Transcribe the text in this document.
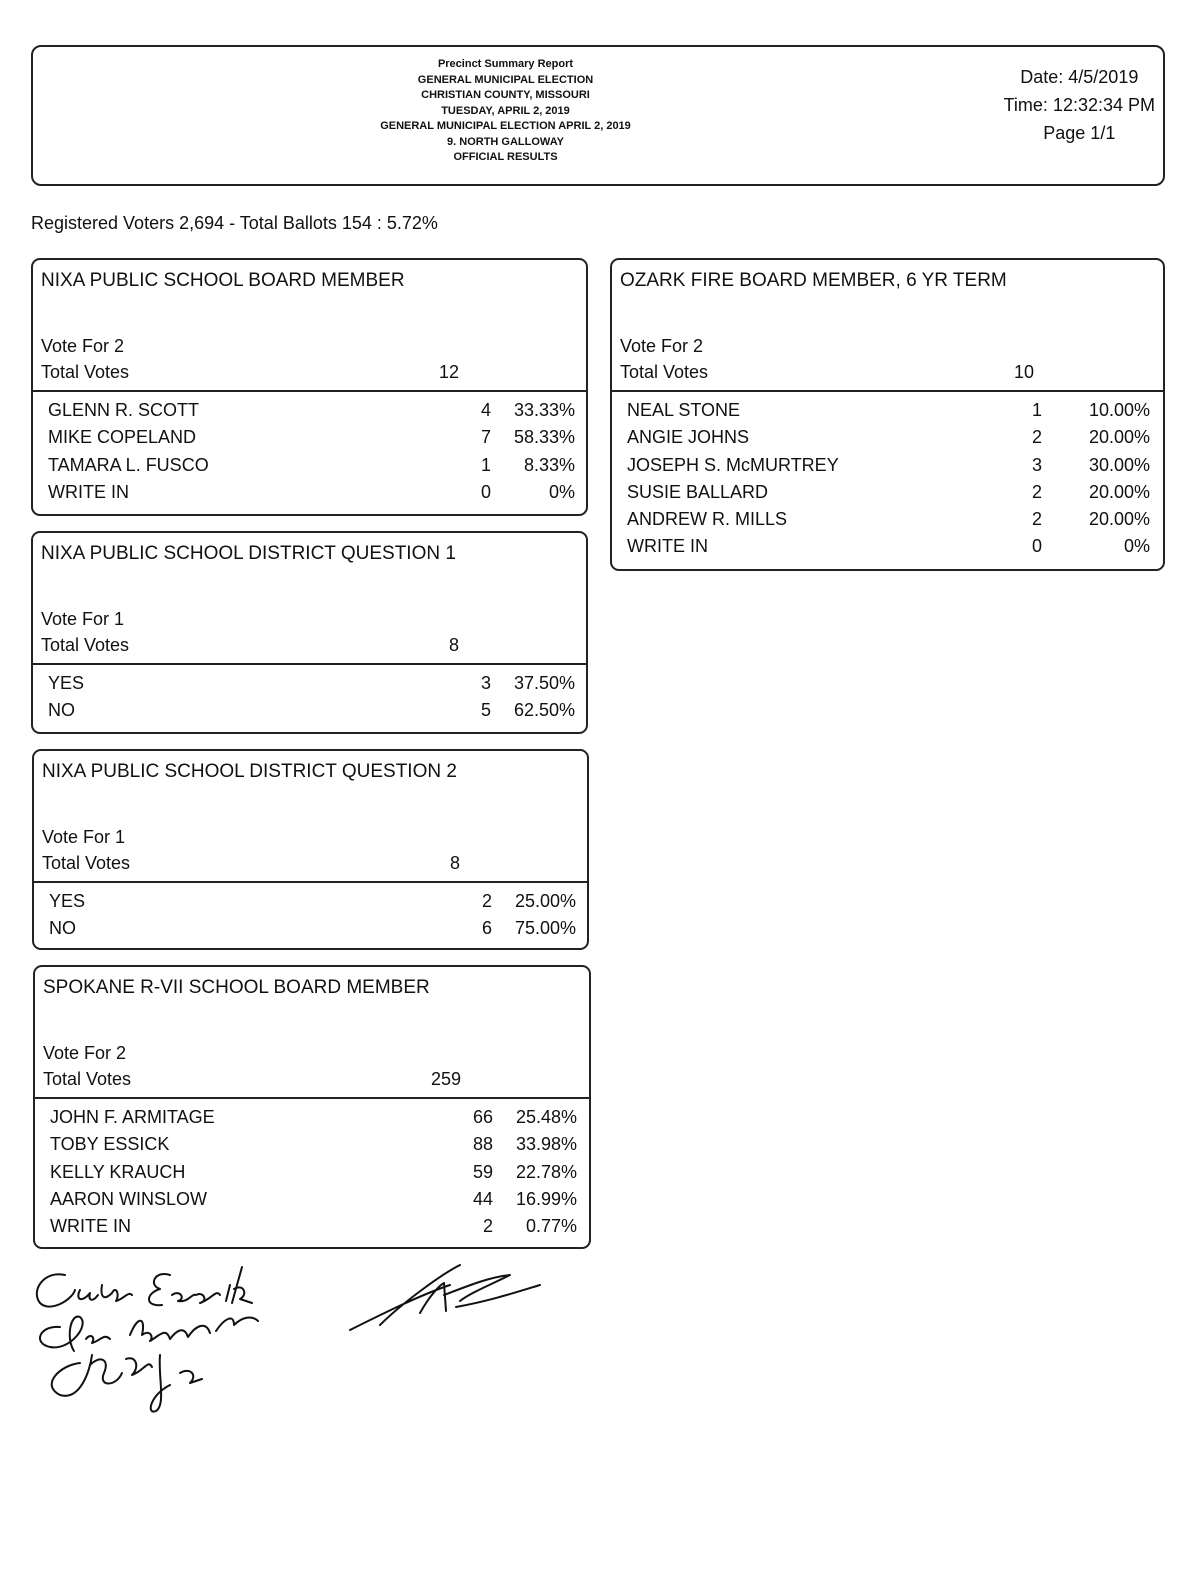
Precinct Summary Report
GENERAL MUNICIPAL ELECTION
CHRISTIAN COUNTY, MISSOURI
TUESDAY, APRIL 2, 2019
GENERAL MUNICIPAL ELECTION APRIL 2, 2019
9. NORTH GALLOWAY
OFFICIAL RESULTS
Date: 4/5/2019
Time: 12:32:34 PM
Page 1/1
Registered Voters 2,694 - Total Ballots 154 : 5.72%
NIXA PUBLIC SCHOOL BOARD MEMBER
Vote For 2
Total Votes	12
GLENN R. SCOTT	4	33.33%
MIKE COPELAND	7	58.33%
TAMARA L. FUSCO	1	8.33%
WRITE IN	0	0%
NIXA PUBLIC SCHOOL DISTRICT QUESTION 1
Vote For 1
Total Votes	8
YES	3	37.50%
NO	5	62.50%
NIXA PUBLIC SCHOOL DISTRICT QUESTION 2
Vote For 1
Total Votes	8
YES	2	25.00%
NO	6	75.00%
SPOKANE R-VII SCHOOL BOARD MEMBER
Vote For 2
Total Votes	259
JOHN F. ARMITAGE	66	25.48%
TOBY ESSICK	88	33.98%
KELLY KRAUCH	59	22.78%
AARON WINSLOW	44	16.99%
WRITE IN	2	0.77%
OZARK FIRE BOARD MEMBER, 6 YR TERM
Vote For 2
Total Votes	10
NEAL STONE	1	10.00%
ANGIE JOHNS	2	20.00%
JOSEPH S. McMURTREY	3	30.00%
SUSIE BALLARD	2	20.00%
ANDREW R. MILLS	2	20.00%
WRITE IN	0	0%
